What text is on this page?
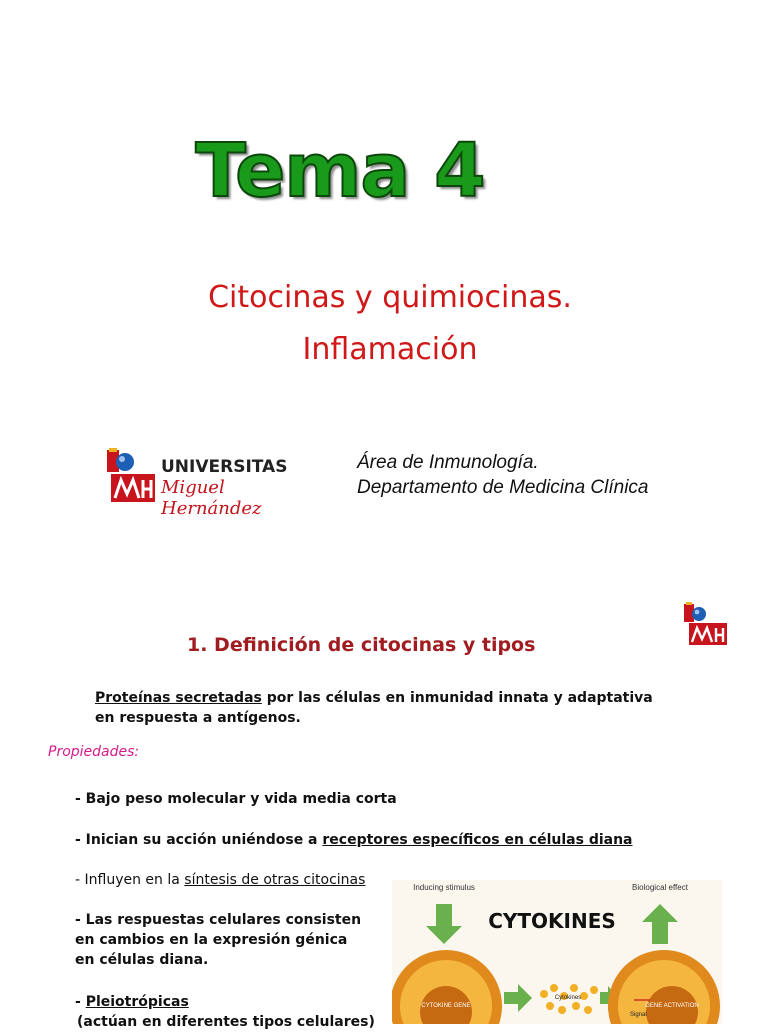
Tema 4
Citocinas y quimiocinas.
Inflamación
UNIVERSITAS
Miguel Hernández
Área de Inmunología.
Departamento de Medicina Clínica
1. Definición de citocinas y tipos
Proteínas secretadas por las células en inmunidad innata y adaptativa
en respuesta a antígenos.
Propiedades:
- Bajo peso molecular y vida media corta
- Inician su acción uniéndose a receptores específicos en células diana
- Influyen en la síntesis de otras citocinas
- Las respuestas celulares consisten
en cambios en la expresión génica
en células diana.
- Pleiotrópicas
(actúan en diferentes tipos celulares)
Inducing stimulus	Biological effect
CYTOKINES
CYTOKINE GENE
Cytokines
Signal
GENE ACTIVATION
